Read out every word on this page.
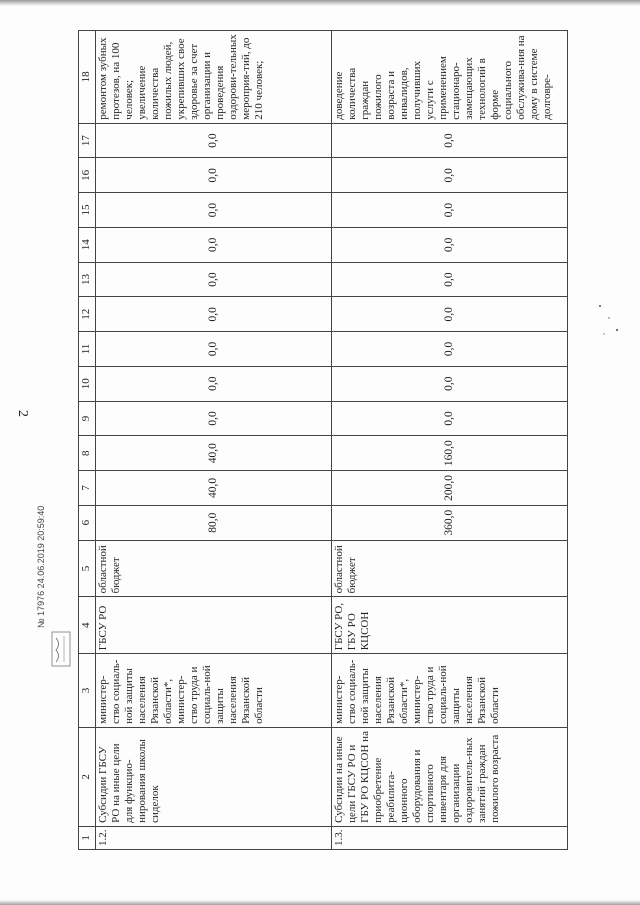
2
1	2	3	4	5	6	7	8	9	10	11	12	13	14	15	16	17	18
1.2.	Субсидии ГБСУ РО на иные цели для функцио-нирования школы сиделок	министер-ство социаль-ной защиты населения Рязанской области*, министер-ство труда и социаль-ной защиты населения Рязанской области	ГБСУ РО	областной бюджет	80,0	40,0	40,0	0,0	0,0	0,0	0,0	0,0	0,0	0,0	0,0	0,0	ремонтом зубных протезов, на 100 человек; увеличение количества пожилых людей, укрепивших свое здоровье за счет организации и проведения оздорови-тельных мероприя-тий, до 210 человек;
1.3.	Субсидии на иные цели ГБСУ РО и ГБУ РО КЦСОН на приобретение реабилита-ционного оборудования и спортивного инвентаря для организации оздоровитель-ных занятий граждан пожилого возраста	министер-ство социаль-ной защиты населения Рязанской области*, министер-ство труда и социаль-ной защиты населения Рязанской области	ГБСУ РО, ГБУ РО КЦСОН	областной бюджет	360,0	200,0	160,0	0,0	0,0	0,0	0,0	0,0	0,0	0,0	0,0	0,0	доведение количества граждан пожилого возраста и инвалидов, получивших услуги с применением стационаро-замещающих технологий в форме социального обслужива-ния на дому в системе долговре-
№ 17976 24.06.2019 20:59:40
